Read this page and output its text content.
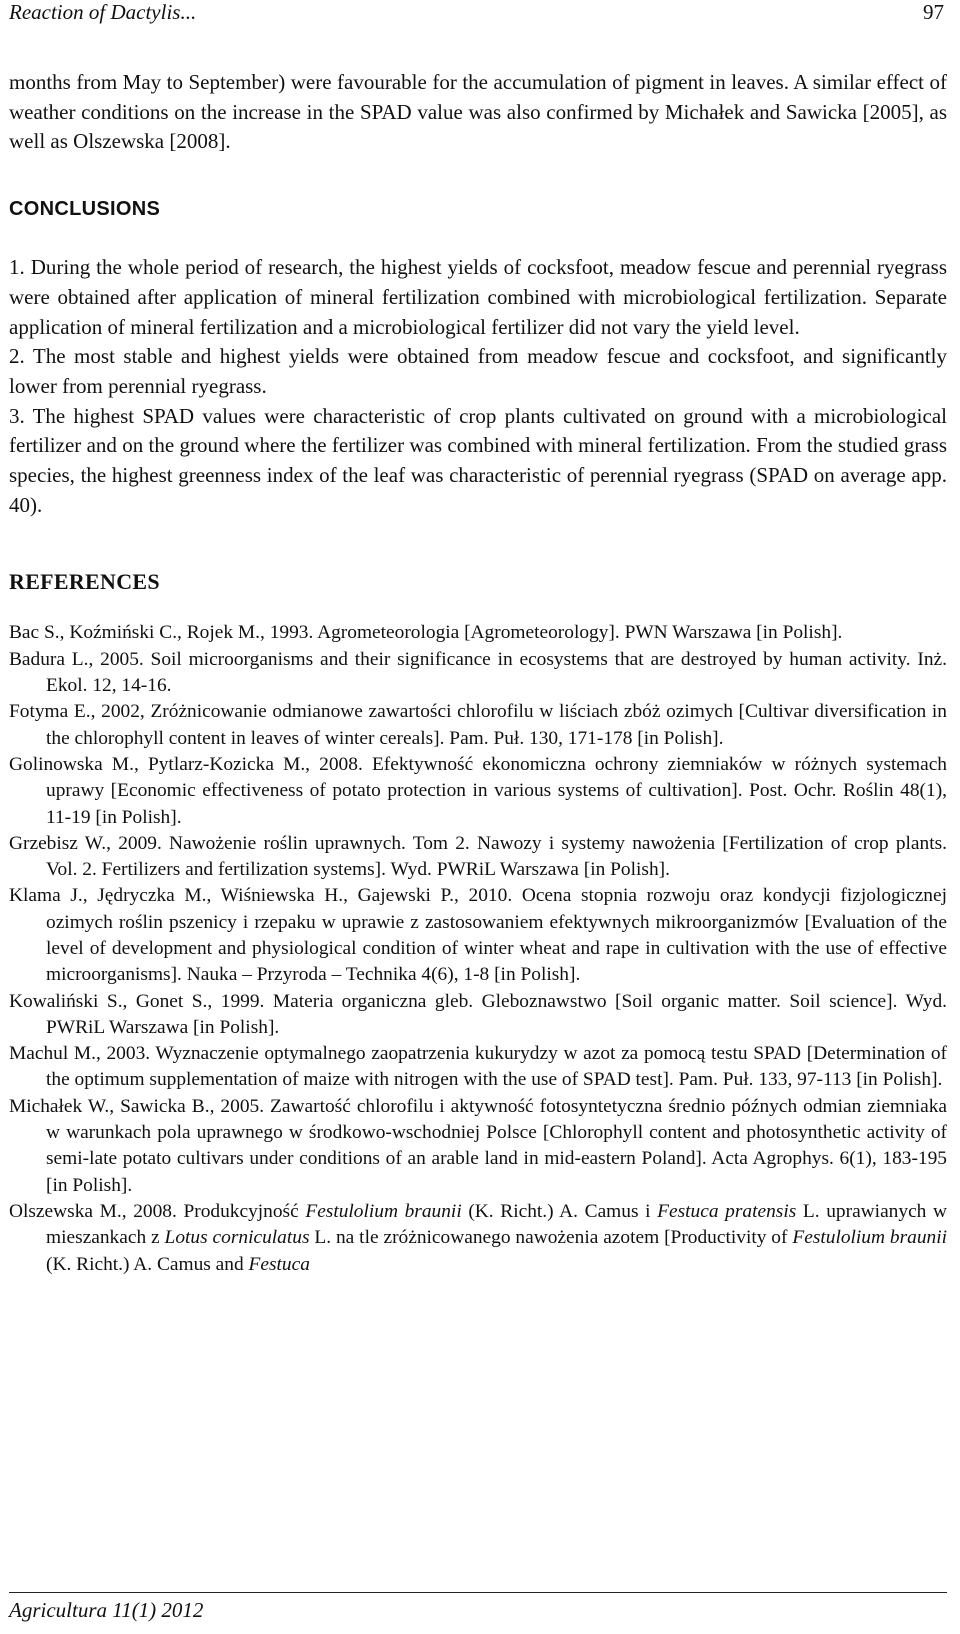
Reaction of Dactylis...	97

months from May to September) were favourable for the accumulation of pigment in leaves. A similar effect of weather conditions on the increase in the SPAD value was also confirmed by Michałek and Sawicka [2005], as well as Olszewska [2008].

CONCLUSIONS

1. During the whole period of research, the highest yields of cocksfoot, meadow fescue and perennial ryegrass were obtained after application of mineral fertilization combined with microbiological fertilization. Separate application of mineral fertilization and a microbiological fertilizer did not vary the yield level.

2. The most stable and highest yields were obtained from meadow fescue and cocksfoot, and significantly lower from perennial ryegrass.

3. The highest SPAD values were characteristic of crop plants cultivated on ground with a microbiological fertilizer and on the ground where the fertilizer was combined with mineral fertilization. From the studied grass species, the highest greenness index of the leaf was characteristic of perennial ryegrass (SPAD on average app. 40).

REFERENCES

Bac S., Koźmiński C., Rojek M., 1993. Agrometeorologia [Agrometeorology]. PWN Warszawa [in Polish].

Badura L., 2005. Soil microorganisms and their significance in ecosystems that are destroyed by human activity. Inż. Ekol. 12, 14-16.

Fotyma E., 2002, Zróżnicowanie odmianowe zawartości chlorofilu w liściach zbóż ozimych [Cultivar diversification in the chlorophyll content in leaves of winter cereals]. Pam. Puł. 130, 171-178 [in Polish].

Golinowska M., Pytlarz-Kozicka M., 2008. Efektywność ekonomiczna ochrony ziemniaków w różnych systemach uprawy [Economic effectiveness of potato protection in various systems of cultivation]. Post. Ochr. Roślin 48(1), 11-19 [in Polish].

Grzebisz W., 2009. Nawożenie roślin uprawnych. Tom 2. Nawozy i systemy nawożenia [Fertilization of crop plants. Vol. 2. Fertilizers and fertilization systems]. Wyd. PWRiL Warszawa [in Polish].

Klama J., Jędryczka M., Wiśniewska H., Gajewski P., 2010. Ocena stopnia rozwoju oraz kondycji fizjologicznej ozimych roślin pszenicy i rzepaku w uprawie z zastosowaniem efektywnych mikroorganizmów [Evaluation of the level of development and physiological condition of winter wheat and rape in cultivation with the use of effective microorganisms]. Nauka – Przyroda – Technika 4(6), 1-8 [in Polish].

Kowaliński S., Gonet S., 1999. Materia organiczna gleb. Gleboznawstwo [Soil organic matter. Soil science]. Wyd. PWRiL Warszawa [in Polish].

Machul M., 2003. Wyznaczenie optymalnego zaopatrzenia kukurydzy w azot za pomocą testu SPAD [Determination of the optimum supplementation of maize with nitrogen with the use of SPAD test]. Pam. Puł. 133, 97-113 [in Polish].

Michałek W., Sawicka B., 2005. Zawartość chlorofilu i aktywność fotosyntetyczna średnio późnych odmian ziemniaka w warunkach pola uprawnego w środkowo-wschodniej Polsce [Chlorophyll content and photosynthetic activity of semi-late potato cultivars under conditions of an arable land in mid-eastern Poland]. Acta Agrophys. 6(1), 183-195 [in Polish].

Olszewska M., 2008. Produkcyjność Festulolium braunii (K. Richt.) A. Camus i Festuca pratensis L. uprawianych w mieszankach z Lotus corniculatus L. na tle zróżnicowanego nawożenia azotem [Productivity of Festulolium braunii (K. Richt.) A. Camus and Festuca

Agricultura 11(1) 2012
